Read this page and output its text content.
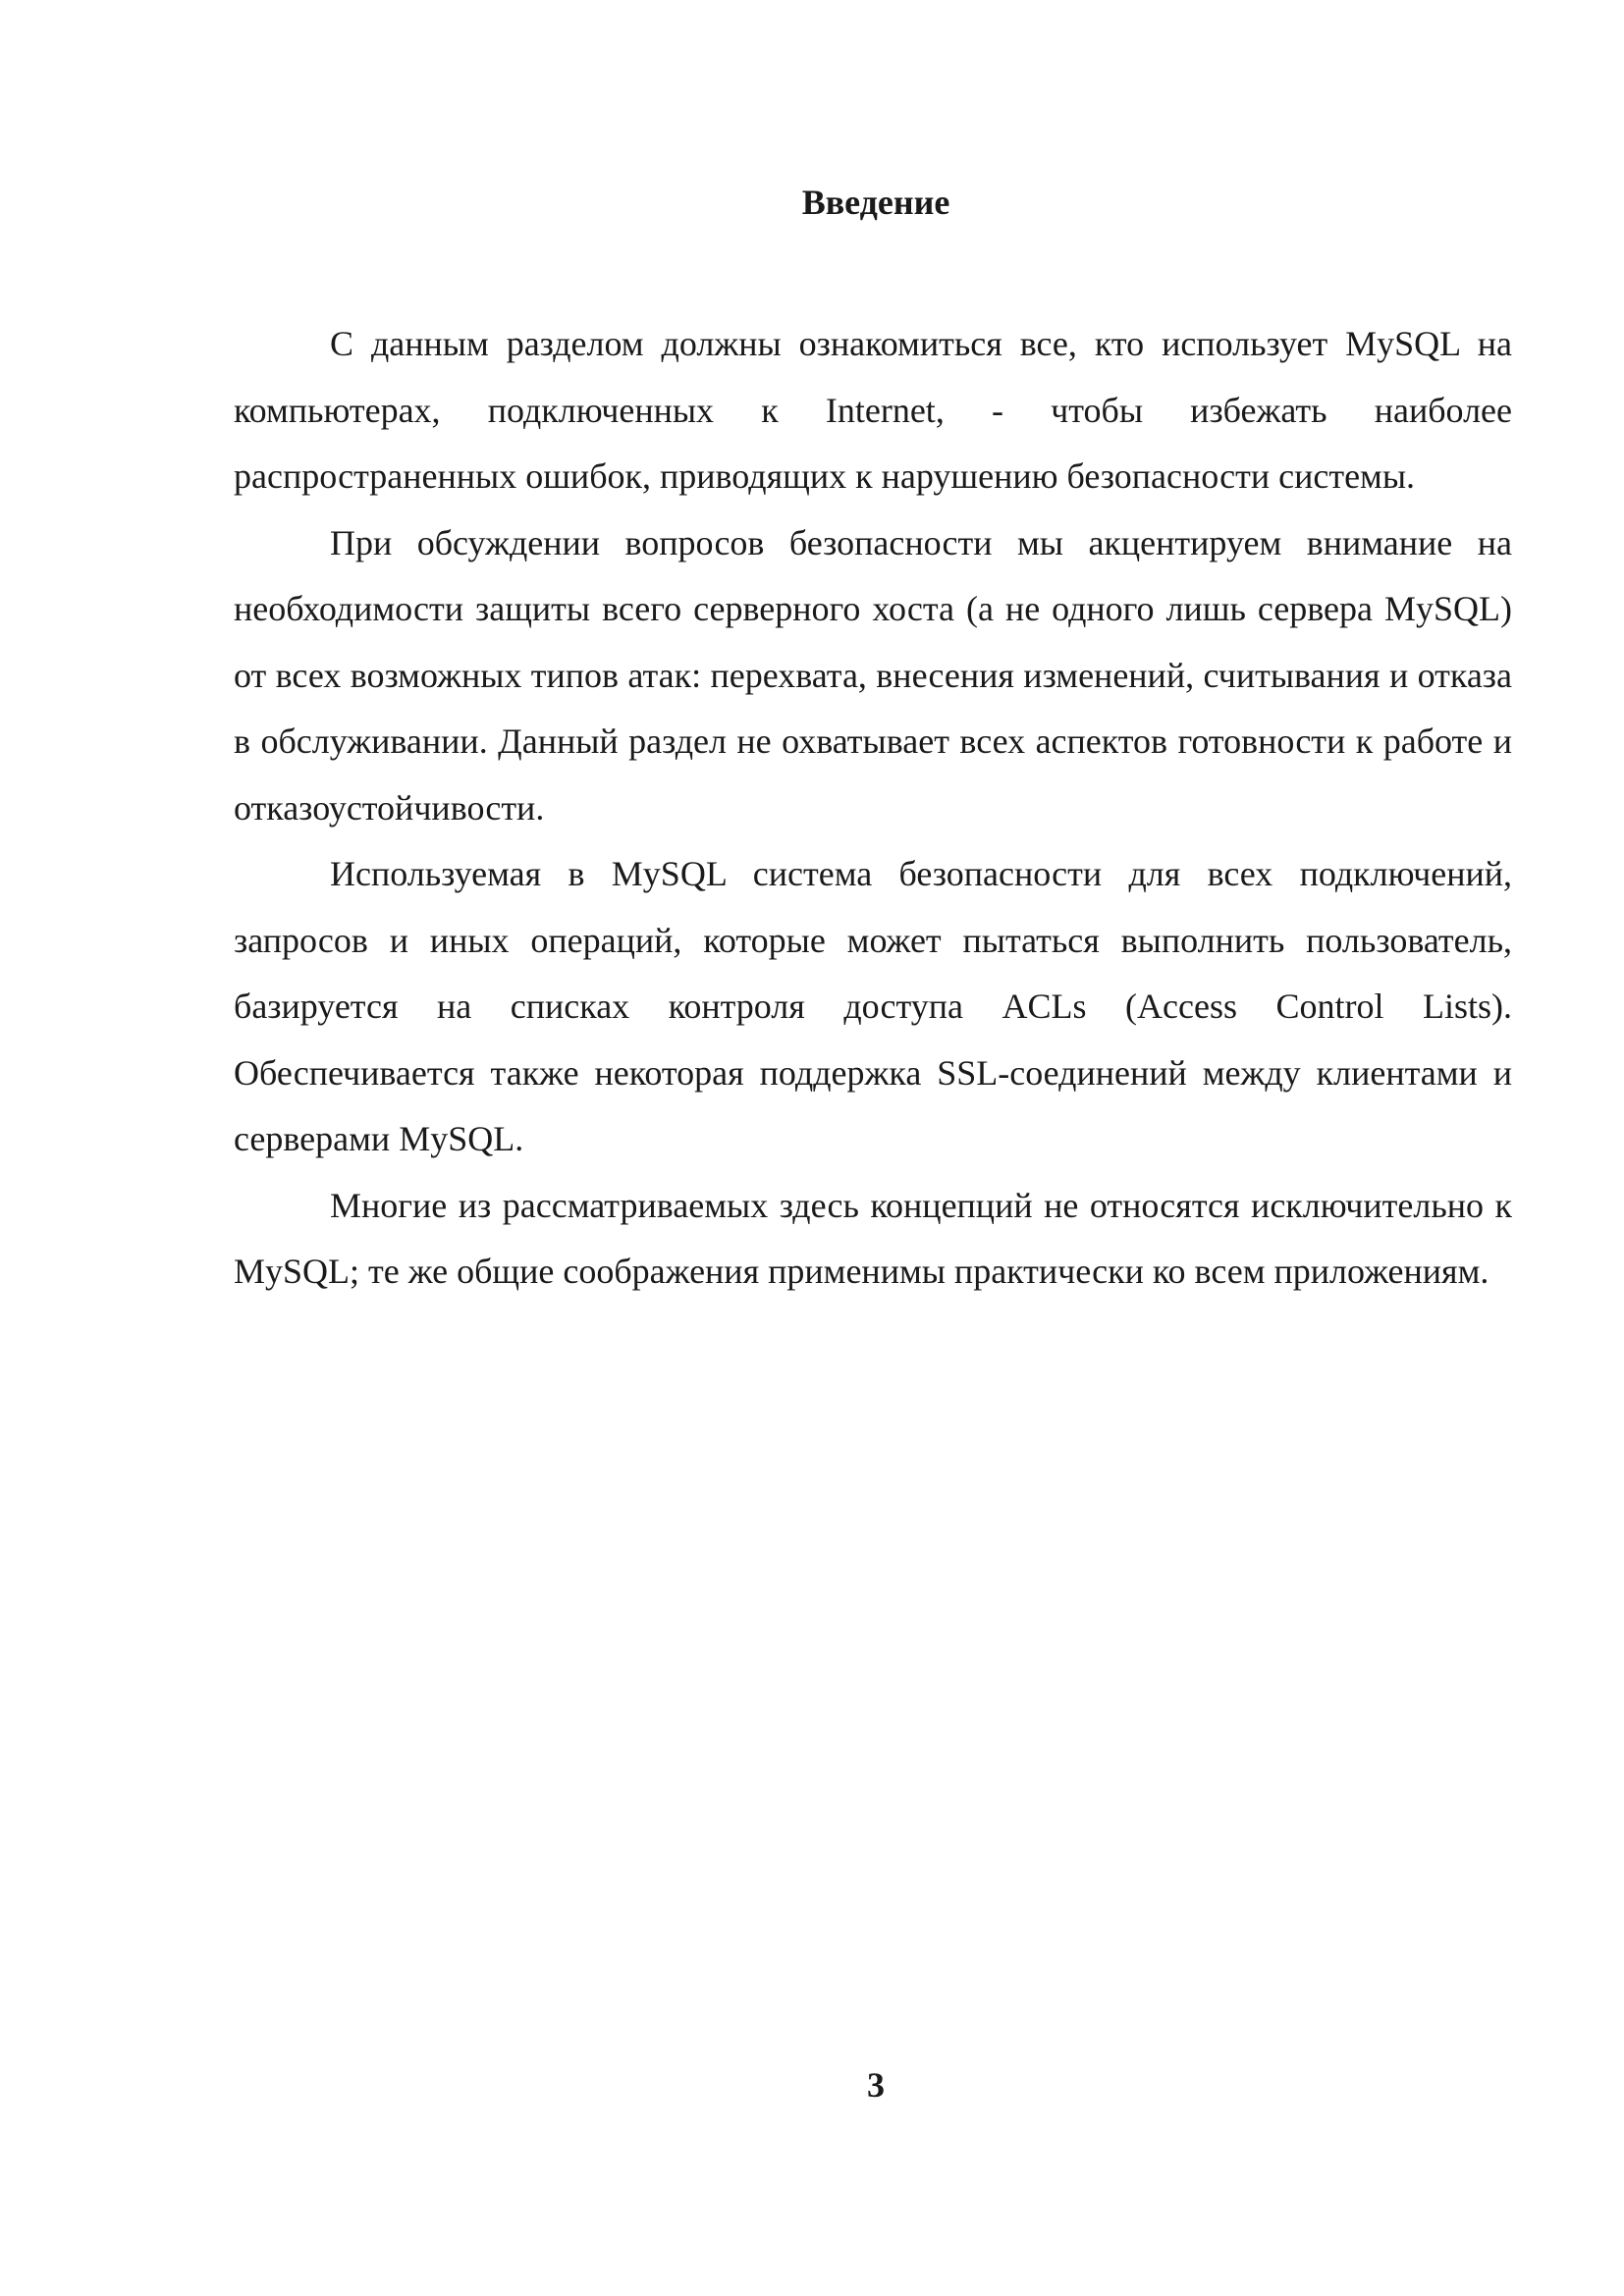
Введение

С данным разделом должны ознакомиться все, кто использует MySQL на компьютерах, подключенных к Internet, - чтобы избежать наиболее распространенных ошибок, приводящих к нарушению безопасности системы.

При обсуждении вопросов безопасности мы акцентируем внимание на необходимости защиты всего серверного хоста (а не одного лишь сервера MySQL) от всех возможных типов атак: перехвата, внесения изменений, считывания и отказа в обслуживании. Данный раздел не охватывает всех аспектов готовности к работе и отказоустойчивости.

Используемая в MySQL система безопасности для всех подключений, запросов и иных операций, которые может пытаться выполнить пользователь, базируется на списках контроля доступа ACLs (Access Control Lists). Обеспечивается также некоторая поддержка SSL-соединений между клиентами и серверами MySQL.

Многие из рассматриваемых здесь концепций не относятся исключительно к MySQL; те же общие соображения применимы практически ко всем приложениям.

3
